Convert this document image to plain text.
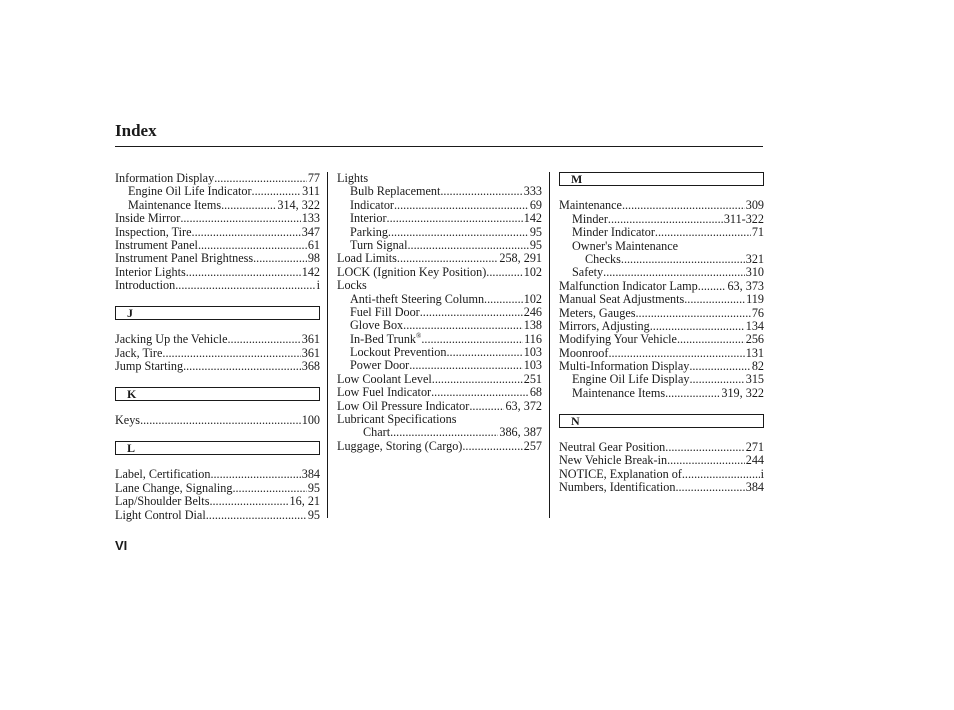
Index
Information Display .....	77
Engine Oil Life Indicator .....	311
Maintenance Items .....	314, 322
Inside Mirror .....	133
Inspection, Tire .....	347
Instrument Panel .....	61
Instrument Panel Brightness .....	98
Interior Lights .....	142
Introduction .....	i
J
Jacking Up the Vehicle .....	361
Jack, Tire .....	361
Jump Starting .....	368
K
Keys .....	100
L
Label, Certification .....	384
Lane Change, Signaling .....	95
Lap/Shoulder Belts .....	16, 21
Light Control Dial .....	95
Lights
Bulb Replacement .....	333
Indicator .....	69
Interior .....	142
Parking .....	95
Turn Signal .....	95
Load Limits .....	258, 291
LOCK (Ignition Key Position) .....	102
Locks
Anti-theft Steering Column .....	102
Fuel Fill Door .....	246
Glove Box .....	138
In-Bed Trunk® .....	116
Lockout Prevention .....	103
Power Door .....	103
Low Coolant Level .....	251
Low Fuel Indicator .....	68
Low Oil Pressure Indicator .....	63, 372
Lubricant Specifications
Chart .....	386, 387
Luggage, Storing (Cargo) .....	257
M
Maintenance .....	309
Minder .....	311-322
Minder Indicator .....	71
Owner's Maintenance
Checks .....	321
Safety .....	310
Malfunction Indicator Lamp ..... 63, 373
Manual Seat Adjustments .....	119
Meters, Gauges .....	76
Mirrors, Adjusting .....	134
Modifying Your Vehicle .....	256
Moonroof .....	131
Multi-Information Display .....	82
Engine Oil Life Display .....	315
Maintenance Items .....	319, 322
N
Neutral Gear Position .....	271
New Vehicle Break-in .....	244
NOTICE, Explanation of .....	i
Numbers, Identification .....	384
VI
